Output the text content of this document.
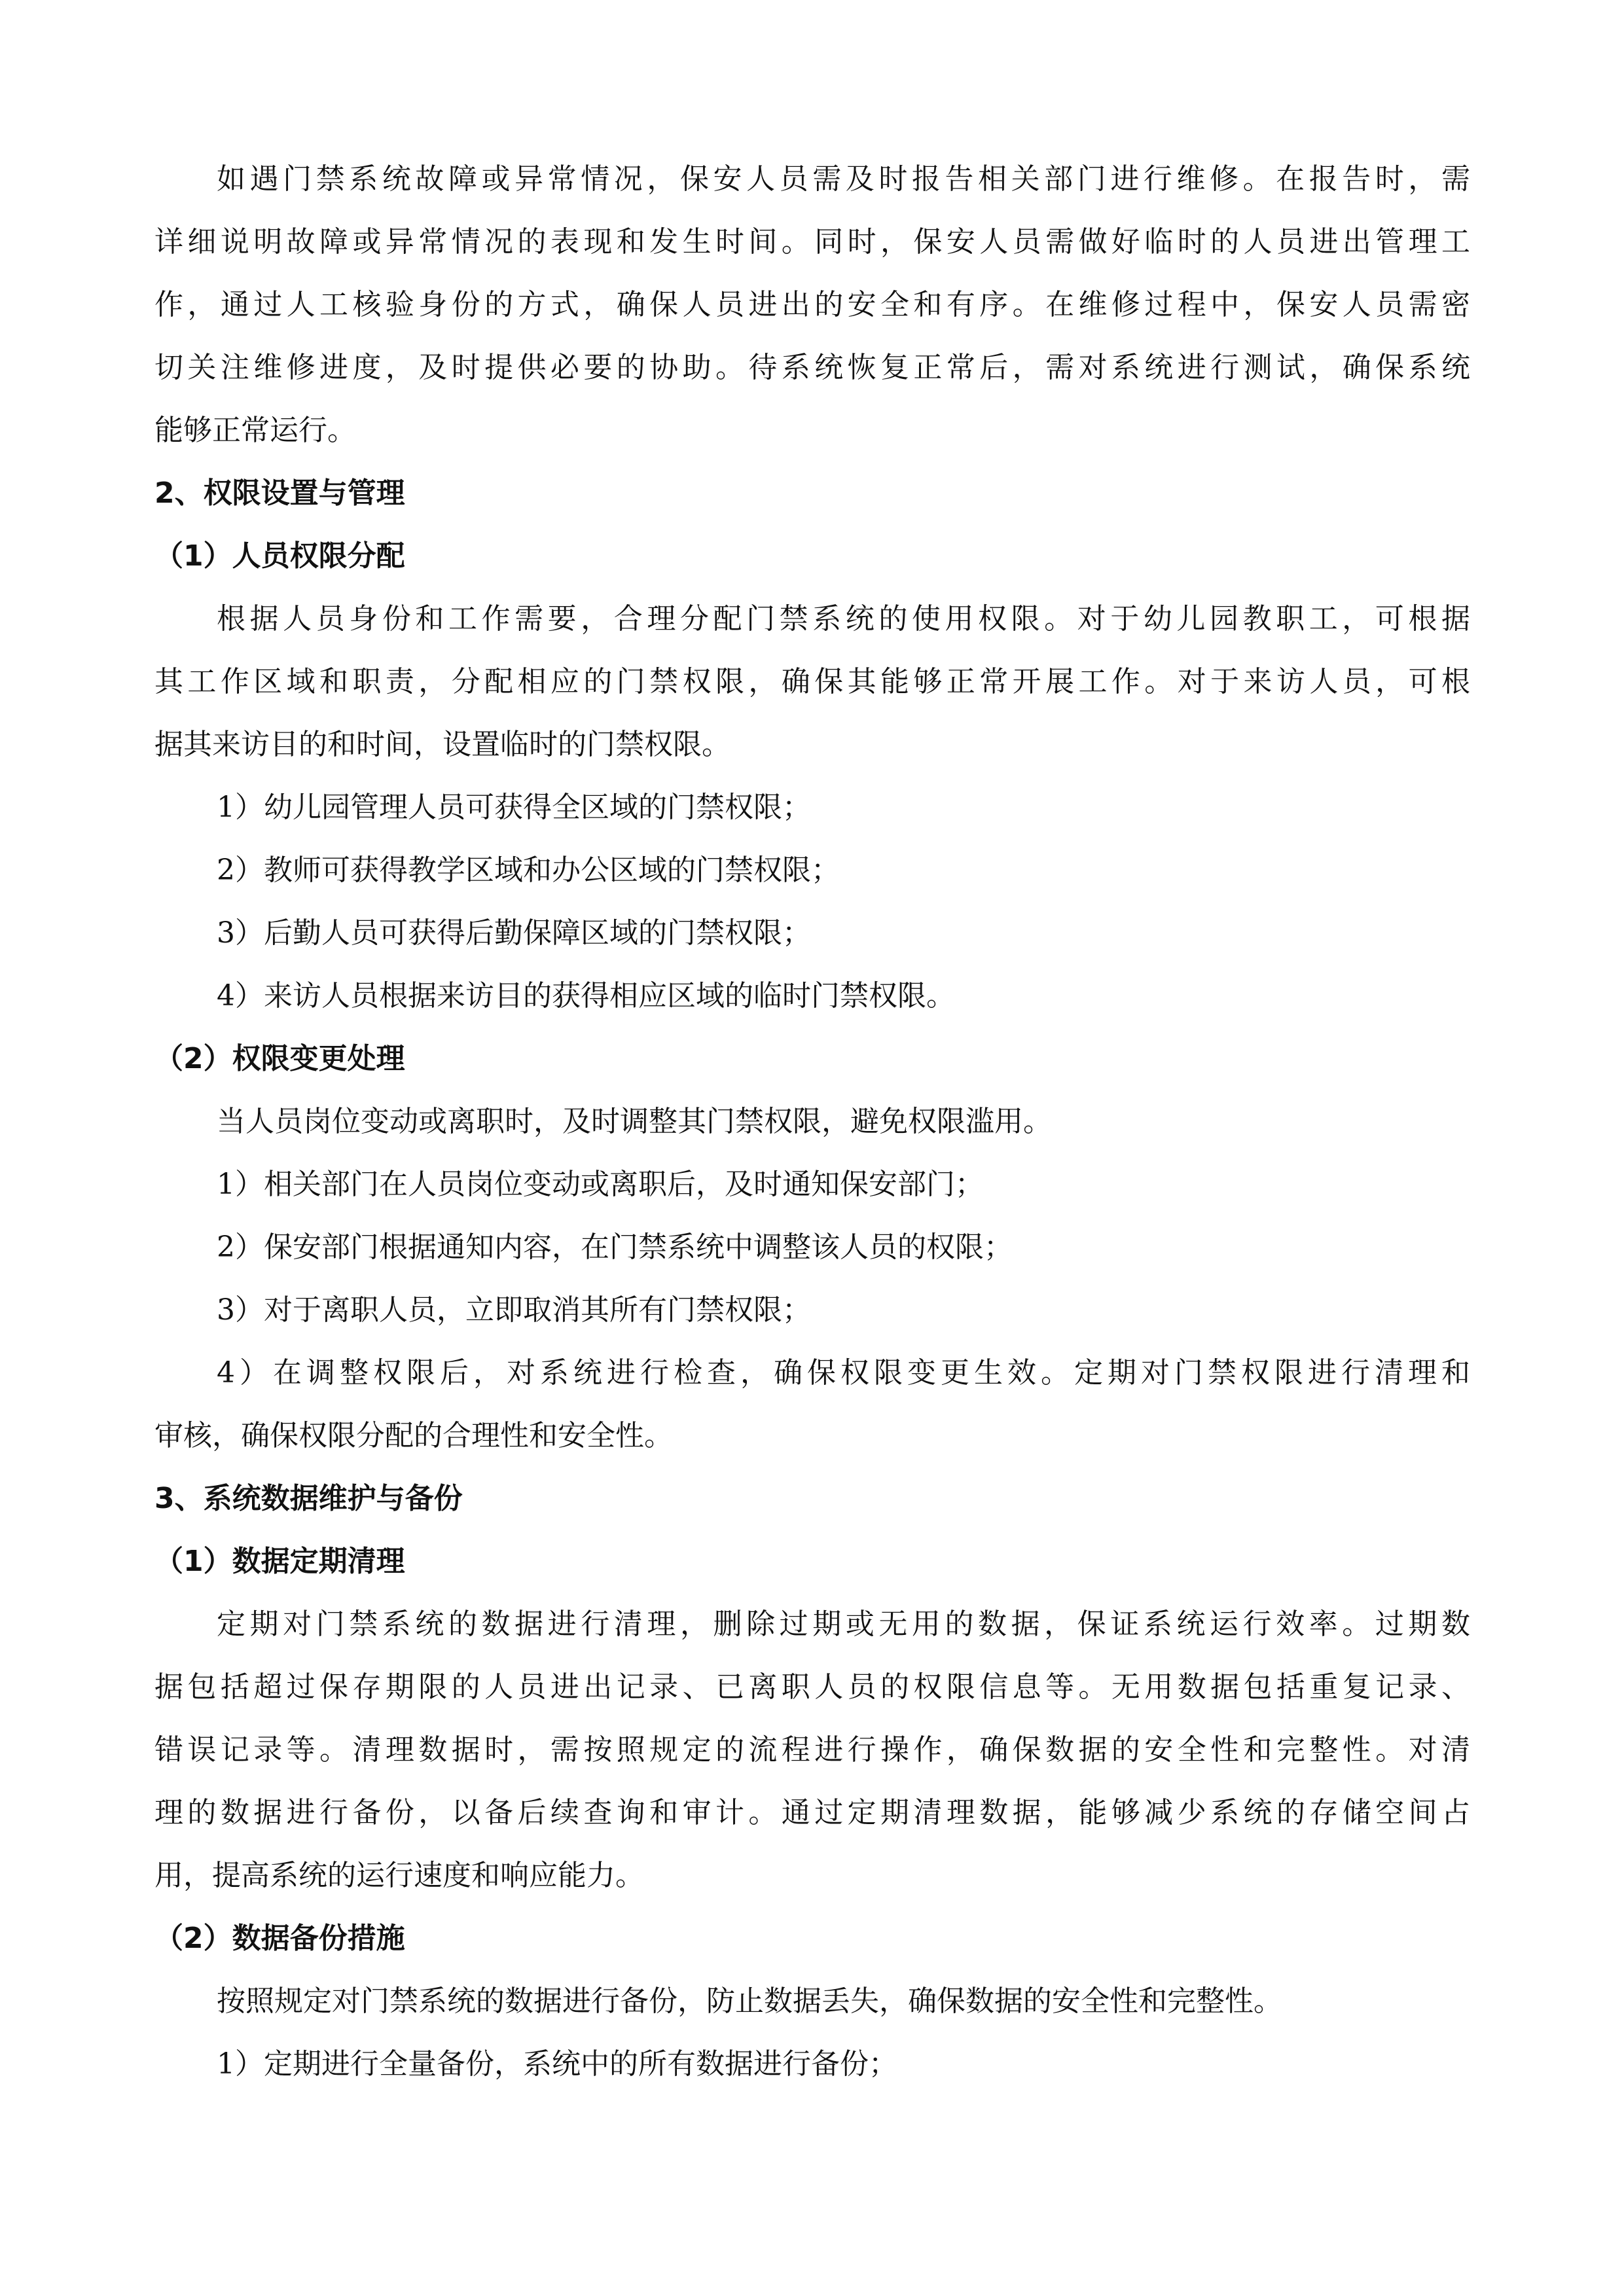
如遇门禁系统故障或异常情况，保安人员需及时报告相关部门进行维修。在报告时，需
详细说明故障或异常情况的表现和发生时间。同时，保安人员需做好临时的人员进出管理工
作，通过人工核验身份的方式，确保人员进出的安全和有序。在维修过程中，保安人员需密
切关注维修进度，及时提供必要的协助。待系统恢复正常后，需对系统进行测试，确保系统
能够正常运行。
2、权限设置与管理
（1）人员权限分配
根据人员身份和工作需要，合理分配门禁系统的使用权限。对于幼儿园教职工，可根据
其工作区域和职责，分配相应的门禁权限，确保其能够正常开展工作。对于来访人员，可根
据其来访目的和时间，设置临时的门禁权限。
1）幼儿园管理人员可获得全区域的门禁权限；
2）教师可获得教学区域和办公区域的门禁权限；
3）后勤人员可获得后勤保障区域的门禁权限；
4）来访人员根据来访目的获得相应区域的临时门禁权限。
（2）权限变更处理
当人员岗位变动或离职时，及时调整其门禁权限，避免权限滥用。
1）相关部门在人员岗位变动或离职后，及时通知保安部门；
2）保安部门根据通知内容，在门禁系统中调整该人员的权限；
3）对于离职人员，立即取消其所有门禁权限；
4）在调整权限后，对系统进行检查，确保权限变更生效。定期对门禁权限进行清理和
审核，确保权限分配的合理性和安全性。
3、系统数据维护与备份
（1）数据定期清理
定期对门禁系统的数据进行清理，删除过期或无用的数据，保证系统运行效率。过期数
据包括超过保存期限的人员进出记录、已离职人员的权限信息等。无用数据包括重复记录、
错误记录等。清理数据时，需按照规定的流程进行操作，确保数据的安全性和完整性。对清
理的数据进行备份，以备后续查询和审计。通过定期清理数据，能够减少系统的存储空间占
用，提高系统的运行速度和响应能力。
（2）数据备份措施
按照规定对门禁系统的数据进行备份，防止数据丢失，确保数据的安全性和完整性。
1）定期进行全量备份，系统中的所有数据进行备份；
